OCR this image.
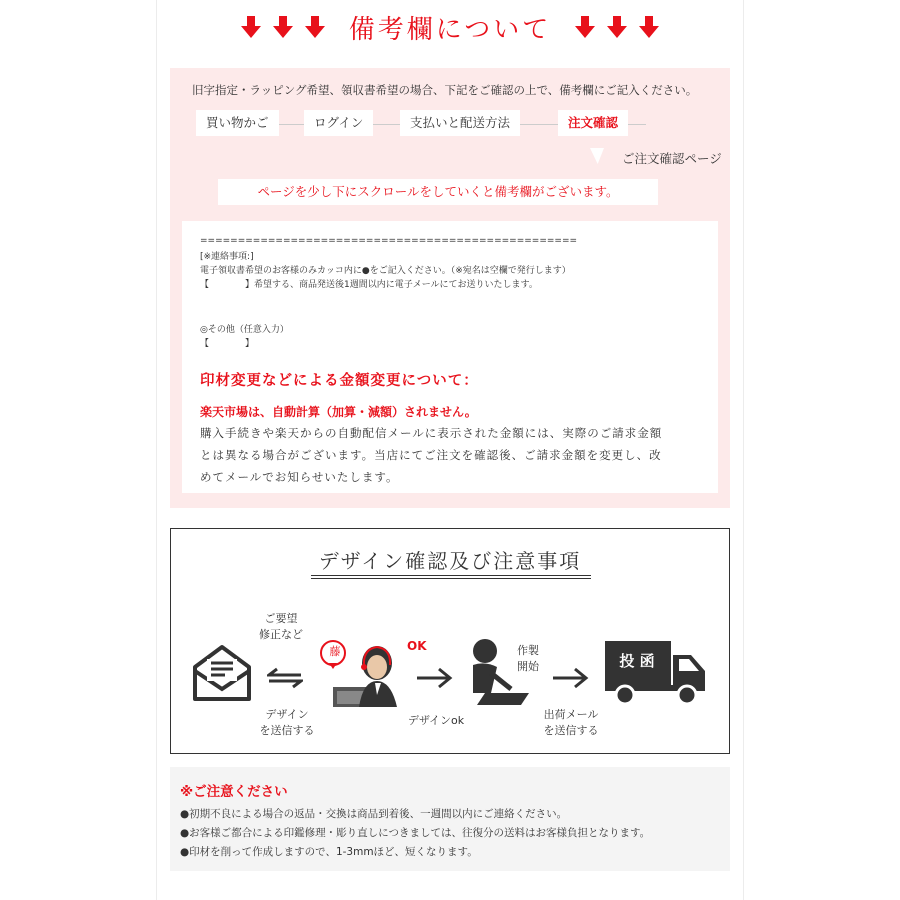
備考欄について
旧字指定・ラッピング希望、領収書希望の場合、下記をご確認の上で、備考欄にご記入ください。
買い物かご	ログイン	支払いと配送方法	注文確認
ご注文確認ページ
ページを少し下にスクロールをしていくと備考欄がございます。
==================================================
[※連絡事項:]
電子領収書希望のお客様のみカッコ内に●をご記入ください。（※宛名は空欄で発行します）
【　　　　】希望する、商品発送後1週間以内に電子メールにてお送りいたします。
◎その他（任意入力）
【　　　　】
印材変更などによる金額変更について：
楽天市場は、自動計算（加算・減額）されません。
購入手続きや楽天からの自動配信メールに表示された金額には、実際のご請求金額
とは異なる場合がございます。当店にてご注文を確認後、ご請求金額を変更し、改
めてメールでお知らせいたします。
デザイン確認及び注意事項
ご要望
修正など
デザイン
を送信する
藤	OK
デザインok
作製
開始
出荷メール
を送信する
投 函
※ご注意ください
●初期不良による場合の返品・交換は商品到着後、一週間以内にご連絡ください。
●お客様ご都合による印鑑修理・彫り直しにつきましては、往復分の送料はお客様負担となります。
●印材を削って作成しますので、1-3mmほど、短くなります。
